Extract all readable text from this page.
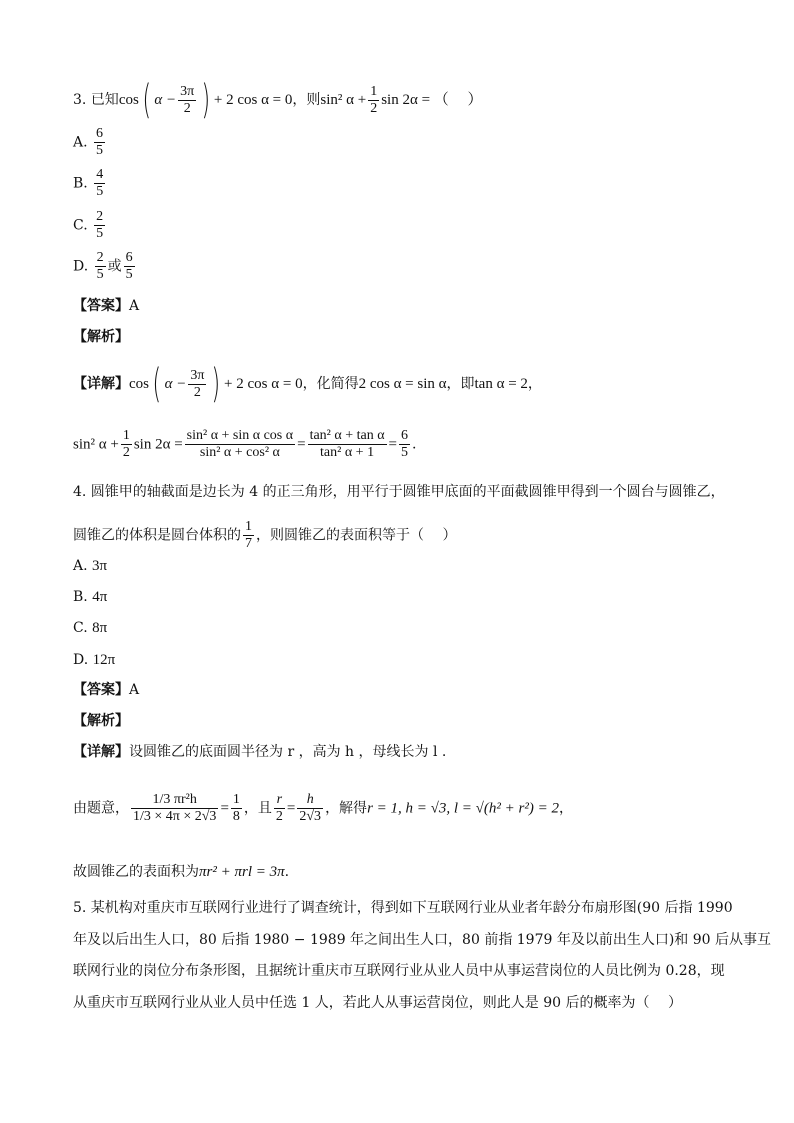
3. 已知cos( $\alpha - \frac{3\pi}{2}$ ) + 2 cos α = 0，则sin² $\alpha + \frac{1}{2}$ sin 2α = （　 ）
A. $\frac{6}{5}$
B. $\frac{4}{5}$
C. $\frac{2}{5}$
D. $\frac{2}{5}$ 或 $\frac{6}{5}$
【答案】A
【解析】
【详解】cos( $\alpha - \frac{3\pi}{2}$ ) + 2 cos α = 0，化简得2 cos α = sin α，即tan α = 2，
sin² $\alpha + \frac{1}{2}$ $\sin 2\alpha = \frac{\text{sin² α + sin α cos α}}{\text{sin² α + cos² α}} = \frac{\text{tan² α + tan α}}{\text{tan² α + 1}} = \frac{6}{5}$ .
4. 圆锥甲的轴截面是边长为 4 的正三角形，用平行于圆锥甲底面的平面截圆锥甲得到一个圆台与圆锥乙，
圆锥乙的体积是圆台体积的 $\frac{1}{7}$ ，则圆锥乙的表面积等于（　 ）
A. 3π
B. 4π
C. 8π
D. 12π
【答案】A
【解析】
【详解】设圆锥乙的底面圆半径为 r ，高为 h ，母线长为 l .
由题意， $\frac{\text{1/3 πr²h}}{1/3 \times 4\pi \times 2√3} = \frac{1}{8}$ ，且 $\frac{r}{2} = \frac{h}{2√3}$ ，解得r = 1, h = √3, l = √(h² + r²) = 2，
故圆锥乙的表面积为πr² + πrl = 3π.
5. 某机构对重庆市互联网行业进行了调查统计，得到如下互联网行业从业者年龄分布扇形图(90 后指 1990
年及以后出生人口，80 后指 1980 − 1989 年之间出生人口，80 前指 1979 年及以前出生人口)和 90 后从事互
联网行业的岗位分布条形图，且据统计重庆市互联网行业从业人员中从事运营岗位的人员比例为 0.28，现
从重庆市互联网行业从业人员中任选 1 人，若此人从事运营岗位，则此人是 90 后的概率为（　 ）
